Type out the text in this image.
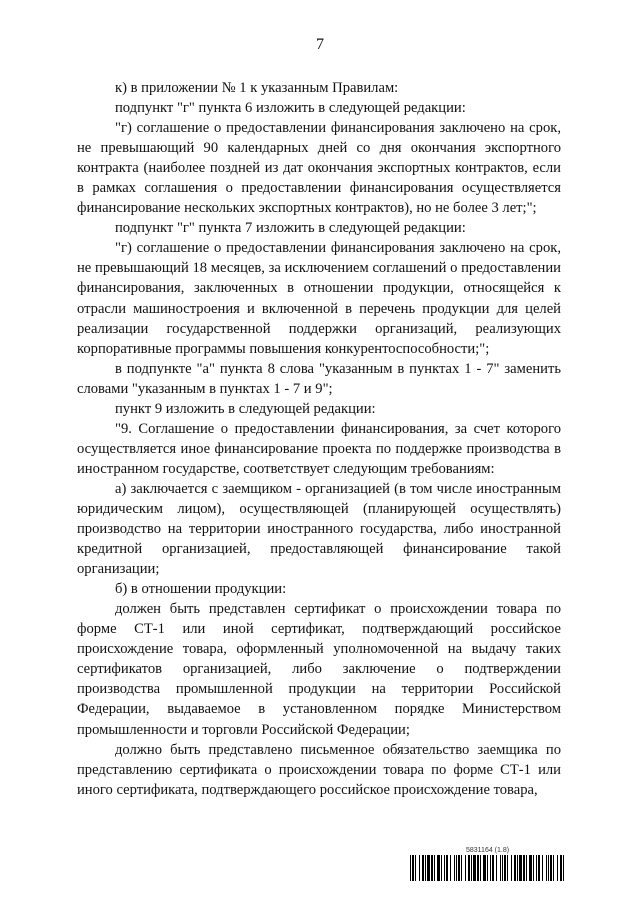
7

к) в приложении № 1 к указанным Правилам:

подпункт "г" пункта 6 изложить в следующей редакции:

"г) соглашение о предоставлении финансирования заключено на срок, не превышающий 90 календарных дней со дня окончания экспортного контракта (наиболее поздней из дат окончания экспортных контрактов, если в рамках соглашения о предоставлении финансирования осуществляется финансирование нескольких экспортных контрактов), но не более 3 лет;";

подпункт "г" пункта 7 изложить в следующей редакции:

"г) соглашение о предоставлении финансирования заключено на срок, не превышающий 18 месяцев, за исключением соглашений о предоставлении финансирования, заключенных в отношении продукции, относящейся к отрасли машиностроения и включенной в перечень продукции для целей реализации государственной поддержки организаций, реализующих корпоративные программы повышения конкурентоспособности;";

в подпункте "а" пункта 8 слова "указанным в пунктах 1 - 7" заменить словами "указанным в пунктах 1 - 7 и 9";

пункт 9 изложить в следующей редакции:

"9. Соглашение о предоставлении финансирования, за счет которого осуществляется иное финансирование проекта по поддержке производства в иностранном государстве, соответствует следующим требованиям:

а) заключается с заемщиком - организацией (в том числе иностранным юридическим лицом), осуществляющей (планирующей осуществлять) производство на территории иностранного государства, либо иностранной кредитной организацией, предоставляющей финансирование такой организации;

б) в отношении продукции:

должен быть представлен сертификат о происхождении товара по форме СТ-1 или иной сертификат, подтверждающий российское происхождение товара, оформленный уполномоченной на выдачу таких сертификатов организацией, либо заключение о подтверждении производства промышленной продукции на территории Российской Федерации, выдаваемое в установленном порядке Министерством промышленности и торговли Российской Федерации;

должно быть представлено письменное обязательство заемщика по представлению сертификата о происхождении товара по форме СТ-1 или иного сертификата, подтверждающего российское происхождение товара,

5831164 (1.8)
